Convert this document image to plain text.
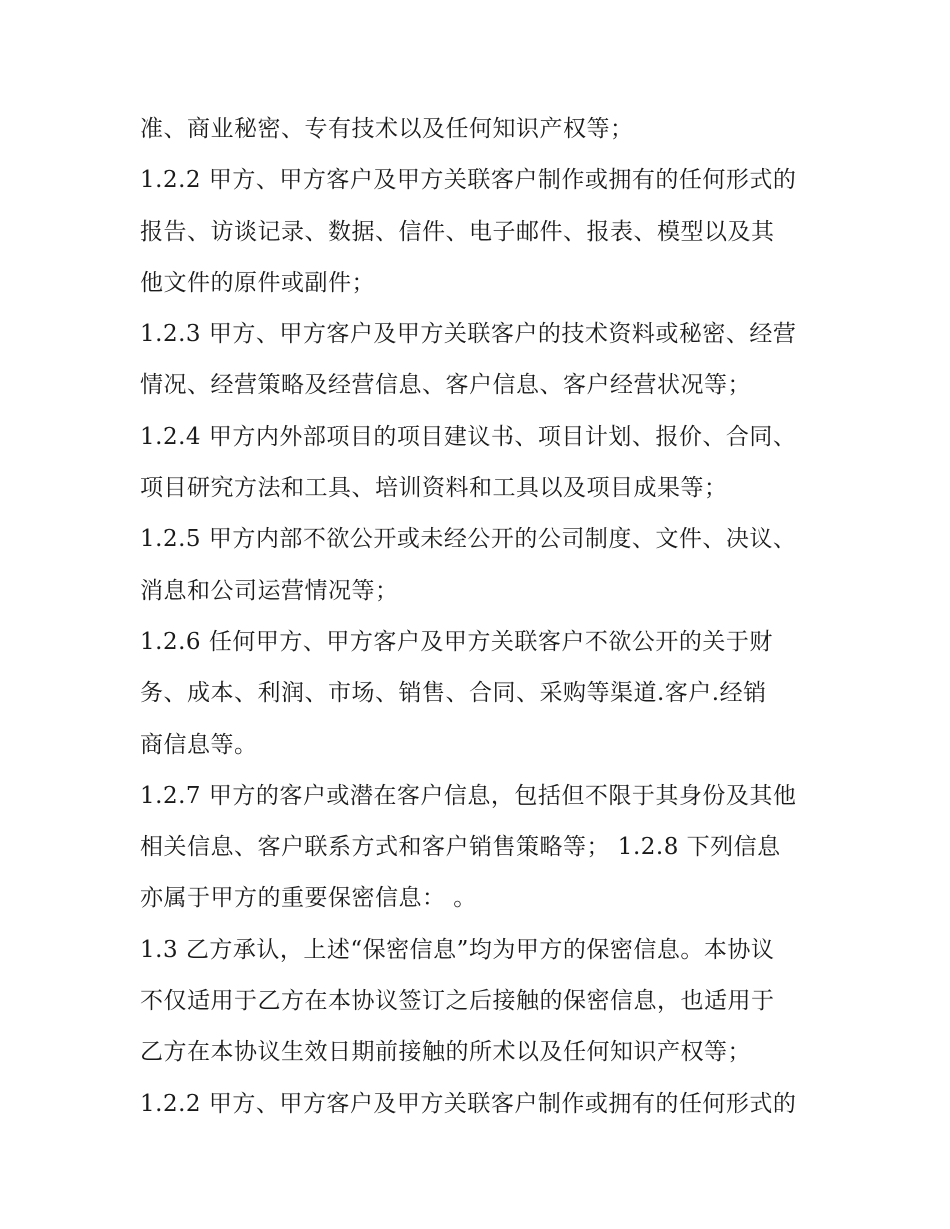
准、商业秘密、专有技术以及任何知识产权等；
1.2.2 甲方、甲方客户及甲方关联客户制作或拥有的任何形式的
报告、访谈记录、数据、信件、电子邮件、报表、模型以及其
他文件的原件或副件；
1.2.3 甲方、甲方客户及甲方关联客户的技术资料或秘密、经营
情况、经营策略及经营信息、客户信息、客户经营状况等；
1.2.4 甲方内外部项目的项目建议书、项目计划、报价、合同、
项目研究方法和工具、培训资料和工具以及项目成果等；
1.2.5 甲方内部不欲公开或未经公开的公司制度、文件、决议、
消息和公司运营情况等；
1.2.6 任何甲方、甲方客户及甲方关联客户不欲公开的关于财
务、成本、利润、市场、销售、合同、采购等渠道.客户.经销
商信息等。
1.2.7 甲方的客户或潜在客户信息，包括但不限于其身份及其他
相关信息、客户联系方式和客户销售策略等； 1.2.8 下列信息
亦属于甲方的重要保密信息： 。
1.3 乙方承认，上述“保密信息”均为甲方的保密信息。本协议
不仅适用于乙方在本协议签订之后接触的保密信息，也适用于
乙方在本协议生效日期前接触的所术以及任何知识产权等；
1.2.2 甲方、甲方客户及甲方关联客户制作或拥有的任何形式的
